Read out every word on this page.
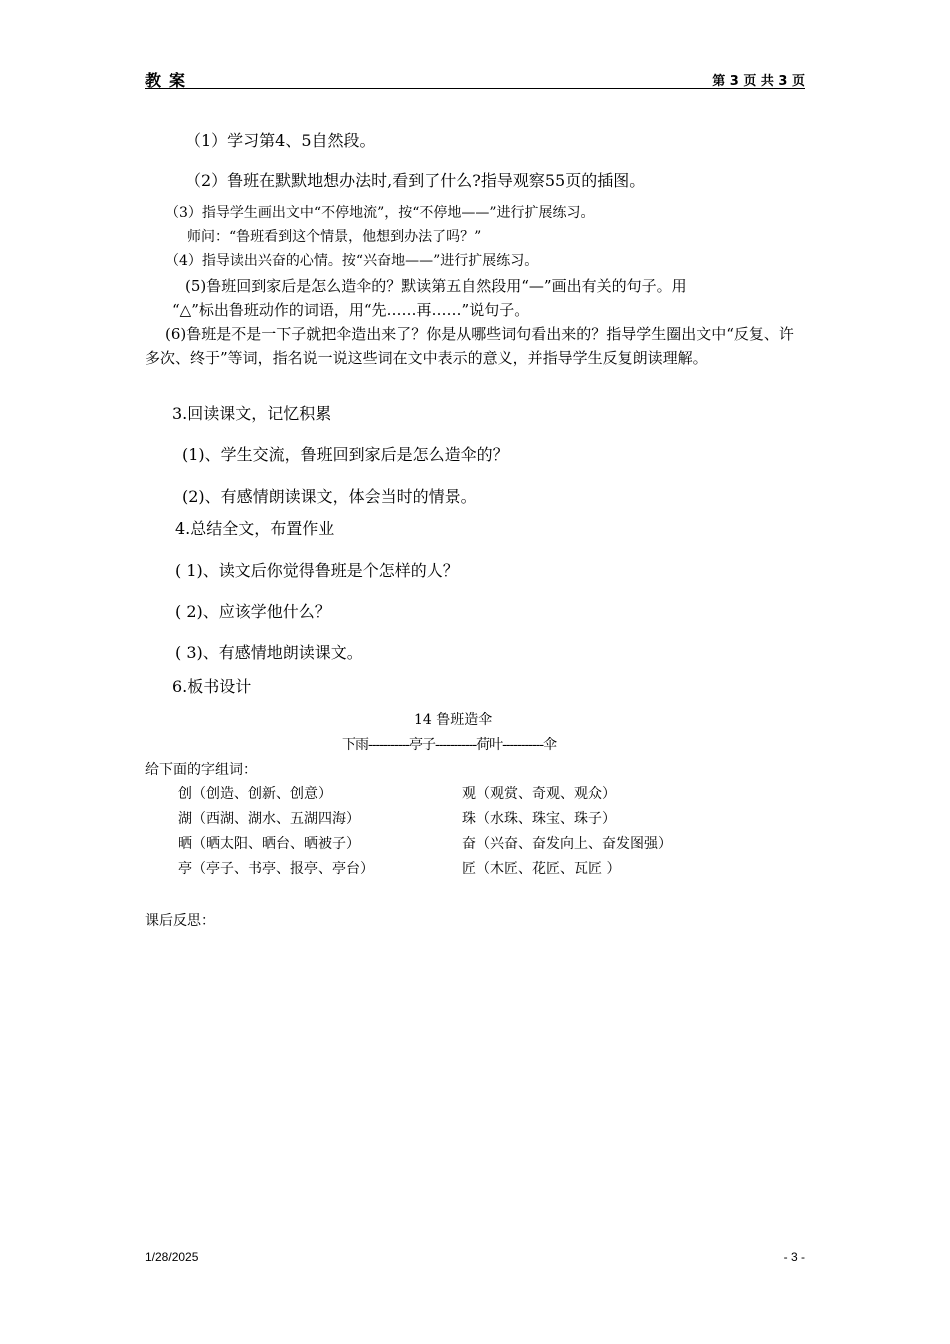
教案	第 3 页 共 3 页
（1）学习第4、5自然段。
（2）鲁班在默默地想办法时,看到了什么?指导观察55页的插图。
（3）指导学生画出文中“不停地流”，按“不停地——”进行扩展练习。
师问：“鲁班看到这个情景，他想到办法了吗？”
（4）指导读出兴奋的心情。按“兴奋地——”进行扩展练习。
(5)鲁班回到家后是怎么造伞的？默读第五自然段用“—”画出有关的句子。用
“△”标出鲁班动作的词语，用“先……再……”说句子。
(6)鲁班是不是一下子就把伞造出来了？你是从哪些词句看出来的？指导学生圈出文中“反复、许多次、终于”等词，指名说一说这些词在文中表示的意义，并指导学生反复朗读理解。
3.回读课文，记忆积累
(1)、学生交流，鲁班回到家后是怎么造伞的？
(2)、有感情朗读课文，体会当时的情景。
4.总结全文，布置作业
( 1)、读文后你觉得鲁班是个怎样的人？
( 2)、应该学他什么？
( 3)、有感情地朗读课文。
6.板书设计
14 鲁班造伞
下雨-----------亭子-----------荷叶-----------伞
给下面的字组词：
创（创造、创新、创意）
湖（西湖、湖水、五湖四海）
晒（晒太阳、晒台、晒被子）
亭（亭子、书亭、报亭、亭台）
观（观赏、奇观、观众）
珠（水珠、珠宝、珠子）
奋（兴奋、奋发向上、奋发图强）
匠（木匠、花匠、瓦匠 ）
课后反思：
1/28/2025	- 3 -
